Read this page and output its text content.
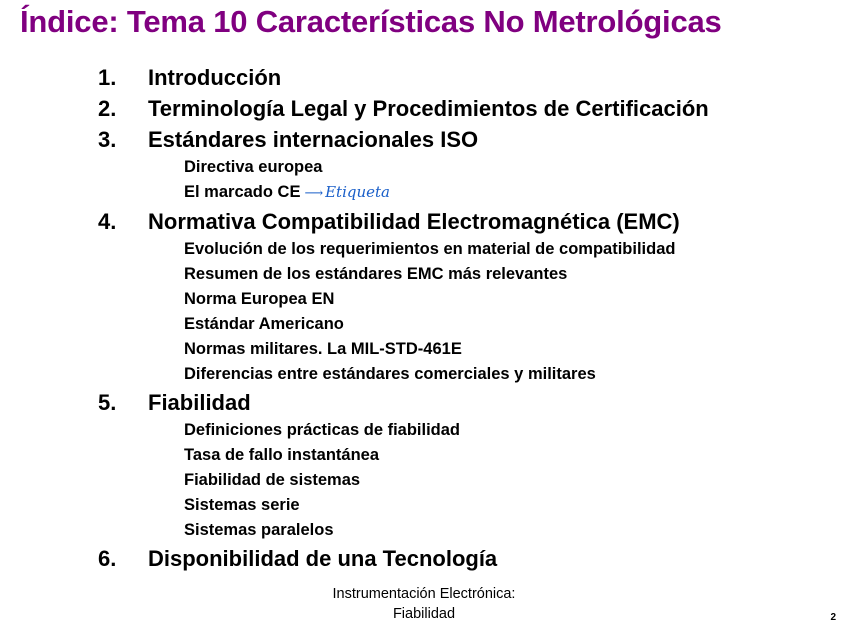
Índice: Tema 10 Características No Metrológicas
1.	Introducción
2.	Terminología Legal y Procedimientos de Certificación
3.	Estándares internacionales ISO
Directiva europea
El marcado CE ⟶ Etiqueta
4.	Normativa Compatibilidad Electromagnética (EMC)
Evolución de los requerimientos en material de compatibilidad
Resumen de los estándares EMC más relevantes
Norma Europea EN
Estándar Americano
Normas militares. La MIL-STD-461E
Diferencias entre estándares comerciales y militares
5.	Fiabilidad
Definiciones prácticas de fiabilidad
Tasa de fallo instantánea
Fiabilidad de sistemas
Sistemas serie
Sistemas paralelos
6.	Disponibilidad de una Tecnología
Instrumentación Electrónica:
Fiabilidad	2
